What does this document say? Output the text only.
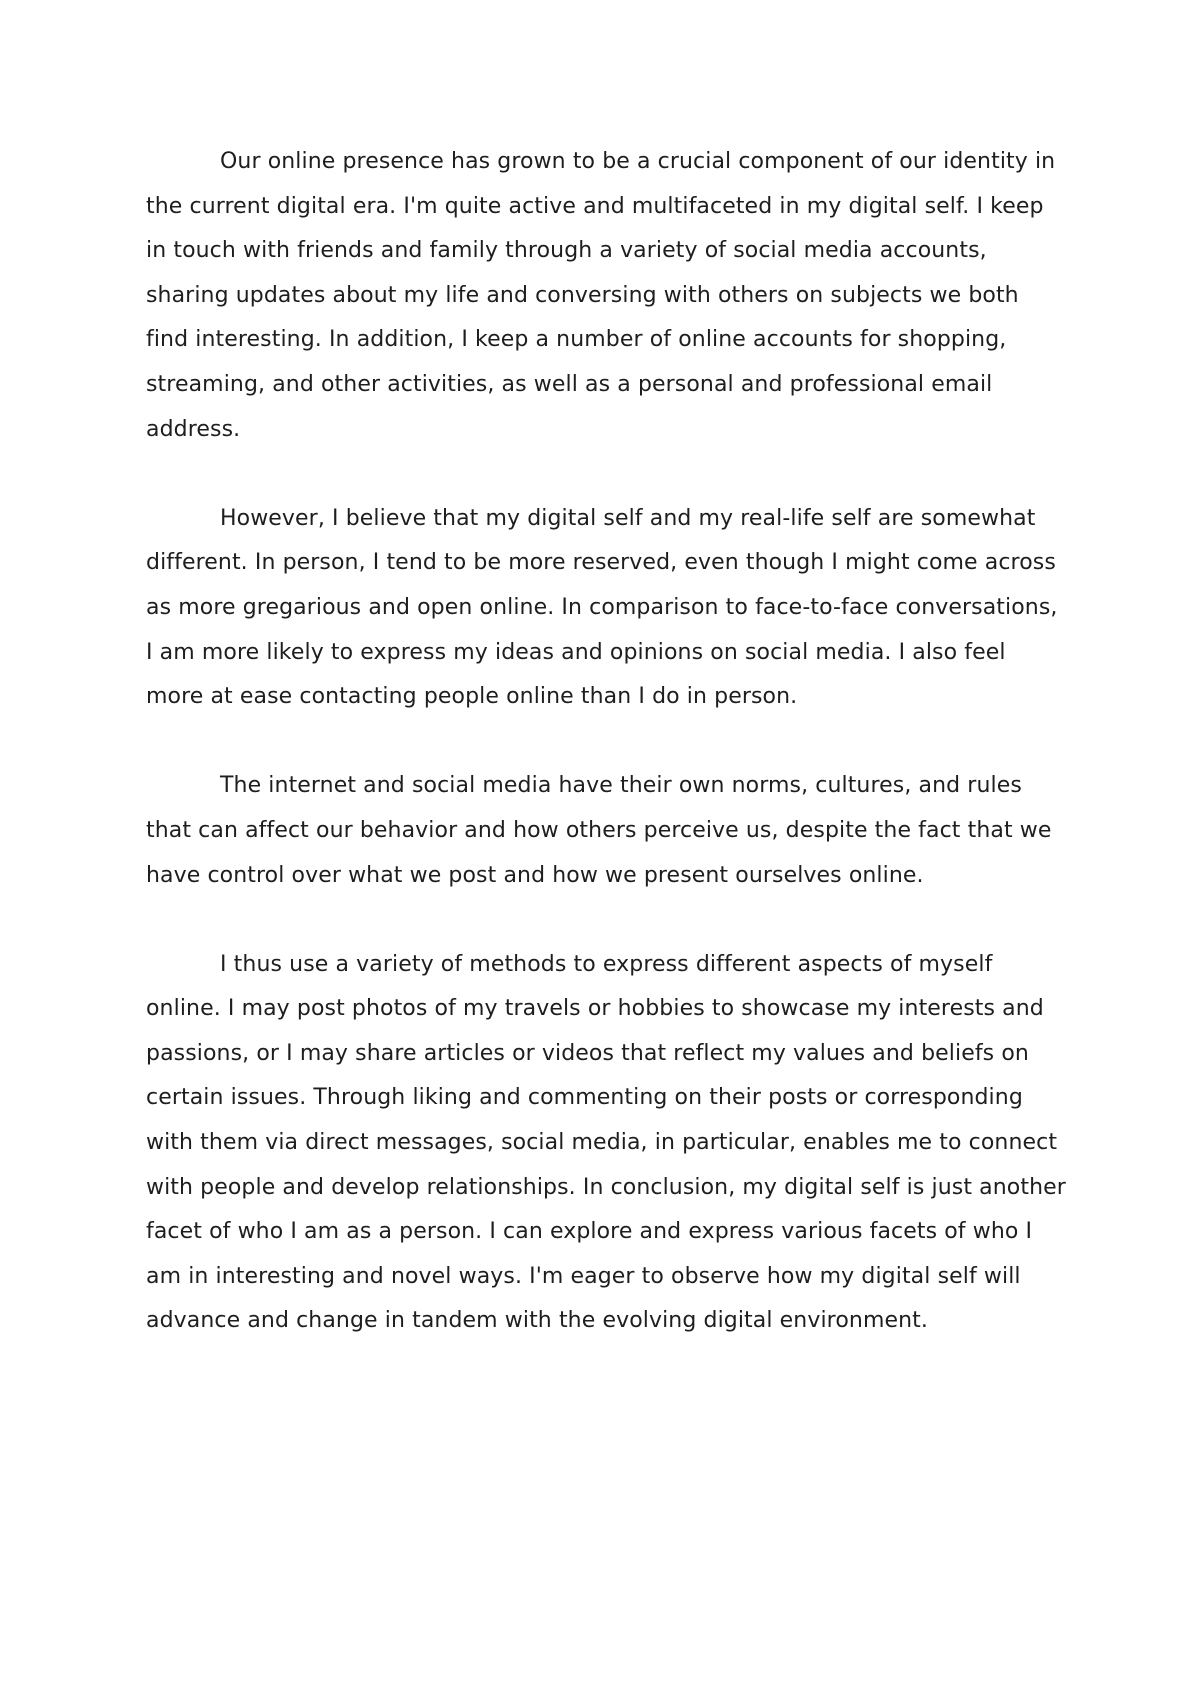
Our online presence has grown to be a crucial component of our identity in the current digital era. I'm quite active and multifaceted in my digital self. I keep in touch with friends and family through a variety of social media accounts, sharing updates about my life and conversing with others on subjects we both find interesting. In addition, I keep a number of online accounts for shopping, streaming, and other activities, as well as a personal and professional email address.

However, I believe that my digital self and my real-life self are somewhat different. In person, I tend to be more reserved, even though I might come across as more gregarious and open online. In comparison to face-to-face conversations, I am more likely to express my ideas and opinions on social media. I also feel more at ease contacting people online than I do in person.

The internet and social media have their own norms, cultures, and rules that can affect our behavior and how others perceive us, despite the fact that we have control over what we post and how we present ourselves online.

I thus use a variety of methods to express different aspects of myself online. I may post photos of my travels or hobbies to showcase my interests and passions, or I may share articles or videos that reflect my values and beliefs on certain issues. Through liking and commenting on their posts or corresponding with them via direct messages, social media, in particular, enables me to connect with people and develop relationships. In conclusion, my digital self is just another facet of who I am as a person. I can explore and express various facets of who I am in interesting and novel ways. I'm eager to observe how my digital self will advance and change in tandem with the evolving digital environment.
